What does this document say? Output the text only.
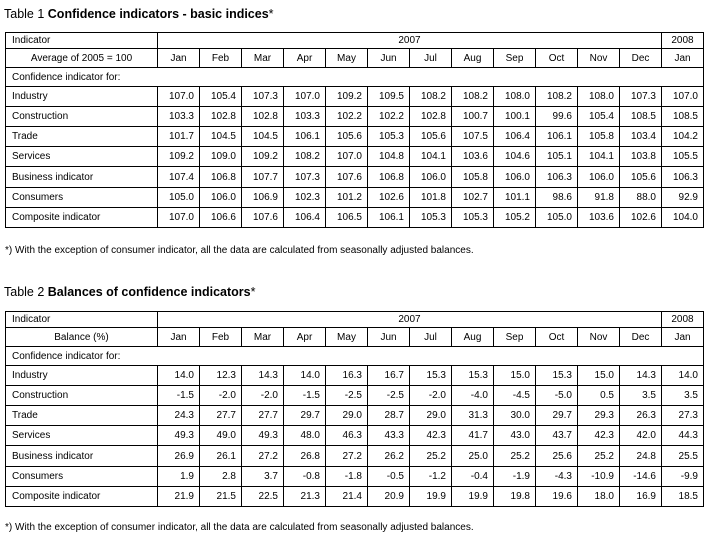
Table 1 Confidence indicators - basic indices*
Indicator	2007												2008
Average of 2005 = 100	Jan	Feb	Mar	Apr	May	Jun	Jul	Aug	Sep	Oct	Nov	Dec	Jan
Confidence indicator for:													
Industry	107.0	105.4	107.3	107.0	109.2	109.5	108.2	108.2	108.0	108.2	108.0	107.3	107.0
Construction	103.3	102.8	102.8	103.3	102.2	102.2	102.8	100.7	100.1	99.6	105.4	108.5	108.5
Trade	101.7	104.5	104.5	106.1	105.6	105.3	105.6	107.5	106.4	106.1	105.8	103.4	104.2
Services	109.2	109.0	109.2	108.2	107.0	104.8	104.1	103.6	104.6	105.1	104.1	103.8	105.5
Business indicator	107.4	106.8	107.7	107.3	107.6	106.8	106.0	105.8	106.0	106.3	106.0	105.6	106.3
Consumers	105.0	106.0	106.9	102.3	101.2	102.6	101.8	102.7	101.1	98.6	91.8	88.0	92.9
Composite indicator	107.0	106.6	107.6	106.4	106.5	106.1	105.3	105.3	105.2	105.0	103.6	102.6	104.0
*) With the exception of consumer indicator, all the data are calculated from seasonally adjusted balances.
Table 2 Balances of confidence indicators*
Indicator	2007												2008
Balance (%)	Jan	Feb	Mar	Apr	May	Jun	Jul	Aug	Sep	Oct	Nov	Dec	Jan
Confidence indicator for:													
Industry	14.0	12.3	14.3	14.0	16.3	16.7	15.3	15.3	15.0	15.3	15.0	14.3	14.0
Construction	-1.5	-2.0	-2.0	-1.5	-2.5	-2.5	-2.0	-4.0	-4.5	-5.0	0.5	3.5	3.5
Trade	24.3	27.7	27.7	29.7	29.0	28.7	29.0	31.3	30.0	29.7	29.3	26.3	27.3
Services	49.3	49.0	49.3	48.0	46.3	43.3	42.3	41.7	43.0	43.7	42.3	42.0	44.3
Business indicator	26.9	26.1	27.2	26.8	27.2	26.2	25.2	25.0	25.2	25.6	25.2	24.8	25.5
Consumers	1.9	2.8	3.7	-0.8	-1.8	-0.5	-1.2	-0.4	-1.9	-4.3	-10.9	-14.6	-9.9
Composite indicator	21.9	21.5	22.5	21.3	21.4	20.9	19.9	19.9	19.8	19.6	18.0	16.9	18.5
*) With the exception of consumer indicator, all the data are calculated from seasonally adjusted balances.
